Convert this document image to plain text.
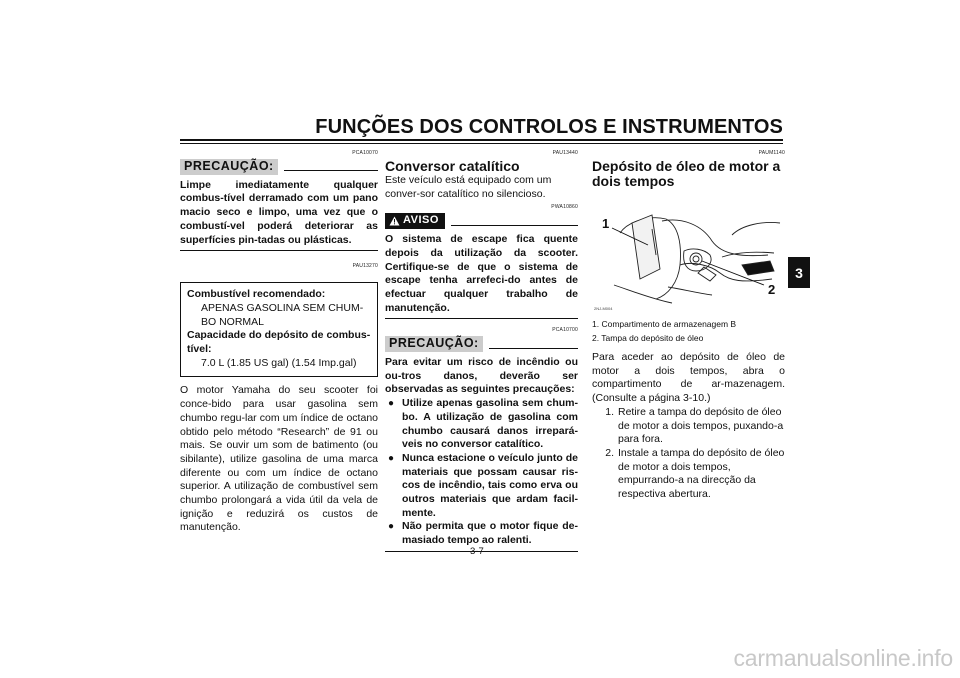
FUNÇÕES DOS CONTROLOS E INSTRUMENTOS
3
PCA10070
PRECAUÇÃO:

Limpe imediatamente qualquer combus-tível derramado com um pano macio seco e limpo, uma vez que o combustí-vel poderá deteriorar as superfícies pin-tadas ou plásticas.

PAU13270
Combustível recomendado:
APENAS GASOLINA SEM CHUM-BO NORMAL
Capacidade do depósito de combus-tível:
7.0 L (1.85 US gal) (1.54 Imp.gal)

O motor Yamaha do seu scooter foi conce-bido para usar gasolina sem chumbo regu-lar com um índice de octano obtido pelo método “Research” de 91 ou mais. Se ouvir um som de batimento (ou sibilante), utilize gasolina de uma marca diferente ou com um índice de octano superior. A utilização de combustível sem chumbo prolongará a vida útil da vela de ignição e reduzirá os custos de manutenção.

PAU13440
Conversor catalítico

Este veículo está equipado com um conver-sor catalítico no silencioso.

PWA10860
AVISO

O sistema de escape fica quente depois da utilização da scooter. Certifique-se de que o sistema de escape tenha arrefeci-do antes de efectuar qualquer trabalho de manutenção.

PCA10700
PRECAUÇÃO:

Para evitar um risco de incêndio ou ou-tros danos, deverão ser observadas as seguintes precauções:

● Utilize apenas gasolina sem chum-bo. A utilização de gasolina com chumbo causará danos irrepará-veis no conversor catalítico.
● Nunca estacione o veículo junto de materiais que possam causar ris-cos de incêndio, tais como erva ou outros materiais que ardam facil-mente.
● Não permita que o motor fique de-masiado tempo ao ralenti.
PAUM1140
Depósito de óleo de motor a dois tempos
1
2
2NJ-M004
1. Compartimento de armazenagem B
2. Tampa do depósito de óleo

Para aceder ao depósito de óleo de motor a dois tempos, abra o compartimento de ar-mazenagem. (Consulte a página 3-10.)

1. Retire a tampa do depósito de óleo de motor a dois tempos, puxando-a para fora.
2. Instale a tampa do depósito de óleo de motor a dois tempos, empurrando-a na direcção da respectiva abertura.
3-7
carmanualsonline.info
